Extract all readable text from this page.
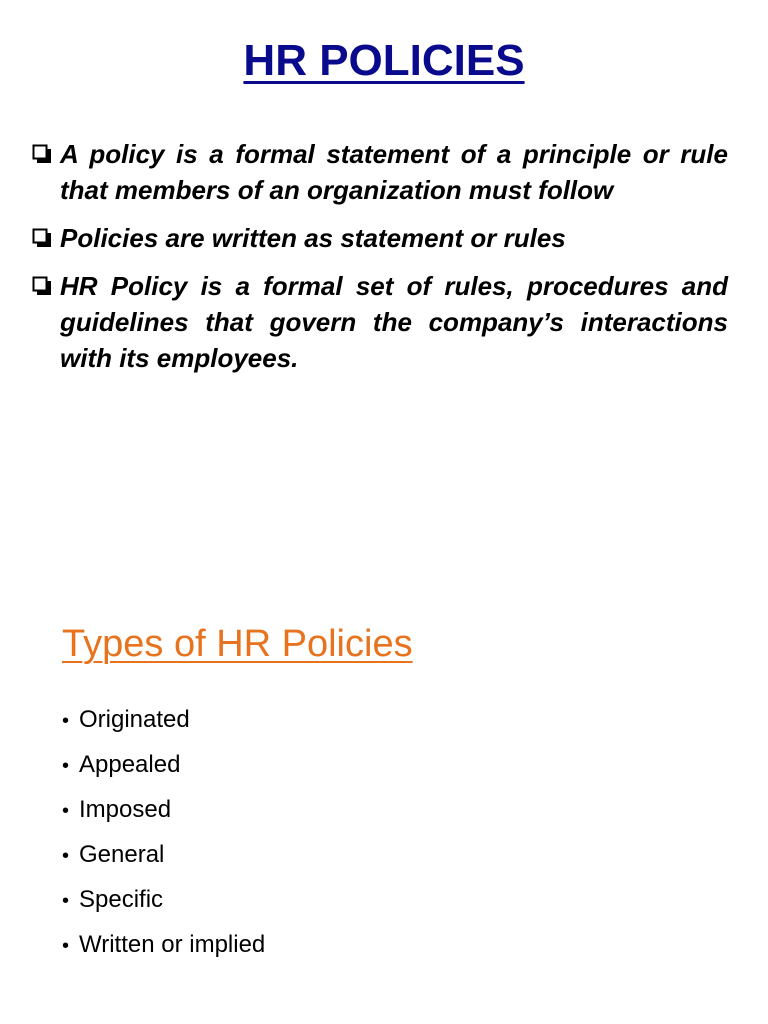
HR POLICIES
A policy is a formal statement of a principle or rule that members of an organization must follow
Policies are written as statement or rules
HR Policy is a formal set of rules, procedures and guidelines that govern the company’s interactions with its employees.
Types of HR Policies
• Originated
• Appealed
• Imposed
• General
• Specific
• Written or implied
